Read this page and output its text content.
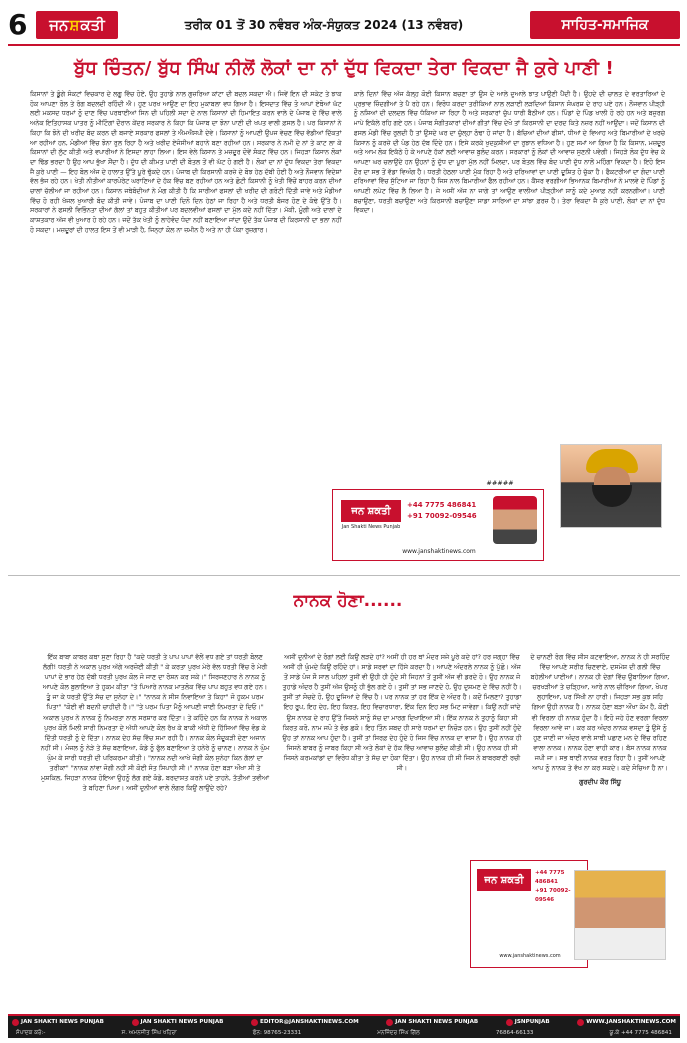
6	ਜਨ ਸ਼ ਕਤੀ	ਤਰੀਕ 01 ਤੋਂ 30 ਨਵੰਬਰ ਅੰਕ-ਸੰਯੁਕਤ 2024 (13 ਨਵੰਬਰ)	ਸਾਹਿਤ-ਸਮਾਜਿਕ
ਬੁੱਧ ਚਿੰਤਨ/ ਬੁੱਧ ਸਿੰਘ ਨੀਲੋਂ ਲੋਕਾਂ ਦਾ ਨਾਂ ਦੁੱਧ ਵਿਕਦਾ ਤੇਰਾ ਵਿਕਦਾ ਜੈ ਕੁਰੇ ਪਾਣੀ !

ਕਿਸਾਨਾਂ ਤੇ ਡੂੰਗੇ ਸੰਕਟਾਂ ਵਿਚਕਾਰ ਦੇ ਲਗੂ ਵਿੱਚ ਹੋਏ, ਉਹ ਤੁਹਾਡੇ ਨਾਲ ਗੁਜ਼ਰਿਆ ਕਾਂਟਾ ਦੀ ਬਦਲ ਸਕਦਾ ਐ। ਜਿਵੇਂ ਇਨ ਦੀ ਸਕੇਟ ਤੇ ਝਾਕ ਹੋਕ ਆਪਣਾ ਰੋਲ ਤੇ ਰੰਗ ਬਦਲਦੀ ਰਹਿੰਦੀ ਐ। ਹੁਣ ਪਰਖ ਆਉਣ ਦਾ ਇਹ ਮੁਕਾਬਲਾ ਵਧ ਗਿਆ ਹੈ। ਇਸਦਾਤ ਵਿੱਚ ਤੋ ਆਪਾਂ ਏਥੋਆਂ ਘੱਟ ਲਈ ਮਕਸਦ ਧਰਮਾਂ ਨੂੰ ਦਾਣ ਵਿੱਚ ਪਰਥਾਈਆਂ ਸਿਨ ਦੀ ਪਹਿਲੀ ਸਦਾ ਦੇ ਨਾਲ ਕਿਸਾਨਾਂ ਦੀ ਹਿਮਾਇਤ ਕਰਨ ਵਾਲੇ ਦੇ ਪੰਜਾਬ ਦੇ ਵਿੱਚ ਵਾਲੇ ਅਨੇਕ ਇਤਿਹਾਸਕ ਪਾਤਰ ਨੂੰ ਮੀਟਿੰਗਾਂ ਦੌਰਾਨ ਕੇਂਦਰ ਸਰਕਾਰ ਨੇ ਕਿਹਾ ਕਿ ਪੰਜਾਬ ਦਾ ਝੋਨਾ ਪਾਣੀ ਦੀ ਖਪਤ ਵਾਲੀ ਫ਼ਸਲ ਹੈ। ਪਰ ਕਿਸਾਨਾਂ ਨੇ ਕਿਹਾ ਕਿ ਝੋਨੇ ਦੀ ਖਰੀਦ ਬੰਦ ਕਰਨ ਦੀ ਬਜਾਏ ਸਰਕਾਰ ਫਸਲਾਂ ਤੇ ਐਮਐਸਪੀ ਦੇਵੇ। ਕਿਸਾਨਾਂ ਨੂੰ ਆਪਣੀ ਉਪਜ ਵੇਚਣ ਵਿੱਚ ਵੱਡੀਆਂ ਦਿੱਕਤਾਂ ਆ ਰਹੀਆਂ ਹਨ, ਮੰਡੀਆਂ ਵਿੱਚ ਝੋਨਾ ਰੁਲ ਰਿਹਾ ਹੈ ਅਤੇ ਖਰੀਦ ਏਜੰਸੀਆਂ ਬਹਾਨੇ ਬਣਾ ਰਹੀਆਂ ਹਨ। ਸਰਕਾਰ ਨੇ ਨਮੀ ਦੇ ਨਾਂ ਤੇ ਕਾਟ ਲਾ ਕੇ ਕਿਸਾਨਾਂ ਦੀ ਲੁੱਟ ਕੀਤੀ ਅਤੇ ਵਪਾਰੀਆਂ ਨੇ ਇਸਦਾ ਲਾਹਾ ਲਿਆ। ਇਸ ਵੇਲੇ ਕਿਸਾਨ ਤੇ ਮਜ਼ਦੂਰ ਦੋਵੇਂ ਸੰਕਟ ਵਿੱਚ ਹਨ। ਜਿਹੜਾ ਕਿਸਾਨ ਲੋਕਾਂ ਦਾ ਢਿੱਡ ਭਰਦਾ ਹੈ ਉਹ ਆਪ ਭੁੱਖਾ ਸੌਂਦਾ ਹੈ। ਦੁੱਧ ਦੀ ਕੀਮਤ ਪਾਣੀ ਦੀ ਬੋਤਲ ਤੋਂ ਵੀ ਘੱਟ ਹੋ ਗਈ ਹੈ। ਲੋਕਾਂ ਦਾ ਨਾਂ ਦੁੱਧ ਵਿਕਦਾ ਤੇਰਾ ਵਿਕਦਾ ਜੈ ਕੁਰੇ ਪਾਣੀ — ਇਹ ਬੋਲ ਅੱਜ ਦੇ ਹਾਲਾਤ ਉੱਤੇ ਪੂਰੇ ਢੁੱਕਦੇ ਹਨ। ਪੰਜਾਬ ਦੀ ਕਿਰਸਾਨੀ ਕਰਜ਼ੇ ਦੇ ਬੋਝ ਹੇਠ ਦੱਬੀ ਹੋਈ ਹੈ ਅਤੇ ਨੌਜਵਾਨ ਵਿਦੇਸ਼ਾਂ ਵੱਲ ਭੱਜ ਰਹੇ ਹਨ। ਖੇਤੀ ਨੀਤੀਆਂ ਕਾਰਪੋਰੇਟ ਘਰਾਣਿਆਂ ਦੇ ਹੱਕ ਵਿੱਚ ਬਣ ਰਹੀਆਂ ਹਨ ਅਤੇ ਛੋਟੀ ਕਿਸਾਨੀ ਨੂੰ ਖੇਤੀ ਵਿੱਚੋਂ ਬਾਹਰ ਕਰਨ ਦੀਆਂ ਚਾਲਾਂ ਚੱਲੀਆਂ ਜਾ ਰਹੀਆਂ ਹਨ। ਕਿਸਾਨ ਜਥੇਬੰਦੀਆਂ ਨੇ ਮੰਗ ਕੀਤੀ ਹੈ ਕਿ ਸਾਰੀਆਂ ਫਸਲਾਂ ਦੀ ਖਰੀਦ ਦੀ ਗਰੰਟੀ ਦਿੱਤੀ ਜਾਵੇ ਅਤੇ ਮੰਡੀਆਂ ਵਿੱਚ ਹੋ ਰਹੀ ਖੱਜਲ ਖੁਆਰੀ ਬੰਦ ਕੀਤੀ ਜਾਵੇ। ਪੰਜਾਬ ਦਾ ਪਾਣੀ ਦਿਨੋ ਦਿਨ ਹੇਠਾਂ ਜਾ ਰਿਹਾ ਹੈ ਅਤੇ ਧਰਤੀ ਬੰਜਰ ਹੋਣ ਦੇ ਕੰਢੇ ਉੱਤੇ ਹੈ। ਸਰਕਾਰਾਂ ਨੇ ਫਸਲੀ ਵਿਭਿੰਨਤਾ ਦੀਆਂ ਗੱਲਾਂ ਤਾਂ ਬਹੁਤ ਕੀਤੀਆਂ ਪਰ ਬਦਲਵੀਆਂ ਫਸਲਾਂ ਦਾ ਮੁੱਲ ਕਦੇ ਨਹੀਂ ਦਿੱਤਾ। ਮੱਕੀ, ਮੂੰਗੀ ਅਤੇ ਦਾਲਾਂ ਦੇ ਕਾਸ਼ਤਕਾਰ ਅੱਜ ਵੀ ਖੁਆਰ ਹੋ ਰਹੇ ਹਨ। ਜਦੋਂ ਤੱਕ ਖੇਤੀ ਨੂੰ ਲਾਹੇਵੰਦ ਧੰਦਾ ਨਹੀਂ ਬਣਾਇਆ ਜਾਂਦਾ ਉਦੋਂ ਤੱਕ ਪੰਜਾਬ ਦੀ ਕਿਰਸਾਨੀ ਦਾ ਭਲਾ ਨਹੀਂ ਹੋ ਸਕਦਾ। ਮਜ਼ਦੂਰਾਂ ਦੀ ਹਾਲਤ ਇਸ ਤੋਂ ਵੀ ਮਾੜੀ ਹੈ, ਜਿਨ੍ਹਾਂ ਕੋਲ ਨਾ ਜ਼ਮੀਨ ਹੈ ਅਤੇ ਨਾ ਹੀ ਪੱਕਾ ਰੁਜ਼ਗਾਰ।

ਕਾਲੇ ਦਿਨਾਂ ਵਿੱਚ ਅੱਜ ਕੱਲ੍ਹ ਕੋਈ ਕਿਸਾਨ ਬਚਣਾ ਤਾਂ ਉਸ ਦੇ ਆਲੇ ਦੁਆਲੇ ਝਾਤ ਪਾਉਣੀ ਪੈਂਦੀ ਹੈ। ਉਹਦੇ ਦੀ ਚਾਲਤ ਦੇ ਵਰਤਾਰਿਆਂ ਦੇ ਪ੍ਰਭਾਵ ਜ਼ਿੰਦਗੀਆਂ ਤੇ ਪੈ ਰਹੇ ਹਨ। ਵਿਰੋਧ ਕਰਦਾ ਤਰੀਕਿਆਂ ਨਾਲ ਲੜਾਈ ਲੜਦਿਆਂ ਕਿਸਾਨ ਸੰਘਰਸ਼ ਦੇ ਰਾਹ ਪਏ ਹਨ। ਨੌਜਵਾਨ ਪੀੜ੍ਹੀ ਨੂੰ ਨਸ਼ਿਆਂ ਦੀ ਦਲਦਲ ਵਿੱਚ ਧੱਕਿਆ ਜਾ ਰਿਹਾ ਹੈ ਅਤੇ ਸਰਕਾਰਾਂ ਚੁੱਪ ਧਾਰੀ ਬੈਠੀਆਂ ਹਨ। ਪਿੰਡਾਂ ਦੇ ਪਿੰਡ ਖਾਲੀ ਹੋ ਰਹੇ ਹਨ ਅਤੇ ਬਜ਼ੁਰਗ ਮਾਪੇ ਇਕੱਲੇ ਰਹਿ ਗਏ ਹਨ। ਪੰਜਾਬ ਸੰਗੀਤਕਾਰਾਂ ਦੀਆਂ ਗੀਤਾਂ ਵਿੱਚ ਦੇਖੋ ਤਾਂ ਕਿਰਸਾਨੀ ਦਾ ਦਰਦ ਕਿਤੇ ਨਜ਼ਰ ਨਹੀਂ ਆਉਂਦਾ। ਜਦੋਂ ਕਿਸਾਨ ਦੀ ਫਸਲ ਮੰਡੀ ਵਿੱਚ ਰੁਲਦੀ ਹੈ ਤਾਂ ਉਸਦੇ ਘਰ ਦਾ ਚੁੱਲ੍ਹਾ ਠੰਢਾ ਹੋ ਜਾਂਦਾ ਹੈ। ਬੱਚਿਆਂ ਦੀਆਂ ਫੀਸਾਂ, ਧੀਆਂ ਦੇ ਵਿਆਹ ਅਤੇ ਬਿਮਾਰੀਆਂ ਦੇ ਖਰਚੇ ਕਿਸਾਨ ਨੂੰ ਕਰਜ਼ੇ ਦੀ ਪੰਡ ਹੇਠ ਦੱਬ ਦਿੰਦੇ ਹਨ। ਇਸੇ ਕਰਕੇ ਖੁਦਕੁਸ਼ੀਆਂ ਦਾ ਰੁਝਾਨ ਵਧਿਆ ਹੈ। ਹੁਣ ਸਮਾਂ ਆ ਗਿਆ ਹੈ ਕਿ ਕਿਸਾਨ, ਮਜ਼ਦੂਰ ਅਤੇ ਆਮ ਲੋਕ ਇਕੱਠੇ ਹੋ ਕੇ ਆਪਣੇ ਹੱਕਾਂ ਲਈ ਆਵਾਜ਼ ਬੁਲੰਦ ਕਰਨ। ਸਰਕਾਰਾਂ ਨੂੰ ਲੋਕਾਂ ਦੀ ਆਵਾਜ਼ ਸੁਣਨੀ ਪਵੇਗੀ। ਜਿਹੜੇ ਲੋਕ ਦੁੱਧ ਵੇਚ ਕੇ ਆਪਣਾ ਘਰ ਚਲਾਉਂਦੇ ਹਨ ਉਹਨਾਂ ਨੂੰ ਦੁੱਧ ਦਾ ਪੂਰਾ ਮੁੱਲ ਨਹੀਂ ਮਿਲਦਾ, ਪਰ ਬੋਤਲ ਵਿੱਚ ਬੰਦ ਪਾਣੀ ਦੁੱਧ ਨਾਲੋਂ ਮਹਿੰਗਾ ਵਿਕਦਾ ਹੈ। ਇਹੋ ਇਸ ਦੌਰ ਦਾ ਸਭ ਤੋਂ ਵੱਡਾ ਵਿਅੰਗ ਹੈ। ਧਰਤੀ ਹੇਠਲਾ ਪਾਣੀ ਮੁੱਕ ਰਿਹਾ ਹੈ ਅਤੇ ਦਰਿਆਵਾਂ ਦਾ ਪਾਣੀ ਦੂਸ਼ਿਤ ਹੋ ਚੁੱਕਾ ਹੈ। ਫੈਕਟਰੀਆਂ ਦਾ ਗੰਦਾ ਪਾਣੀ ਦਰਿਆਵਾਂ ਵਿੱਚ ਸੁੱਟਿਆ ਜਾ ਰਿਹਾ ਹੈ ਜਿਸ ਨਾਲ ਬਿਮਾਰੀਆਂ ਫੈਲ ਰਹੀਆਂ ਹਨ। ਕੈਂਸਰ ਵਰਗੀਆਂ ਭਿਆਨਕ ਬਿਮਾਰੀਆਂ ਨੇ ਮਾਲਵੇ ਦੇ ਪਿੰਡਾਂ ਨੂੰ ਆਪਣੀ ਲਪੇਟ ਵਿੱਚ ਲੈ ਲਿਆ ਹੈ। ਜੇ ਅਸੀਂ ਅੱਜ ਨਾ ਜਾਗੇ ਤਾਂ ਆਉਣ ਵਾਲੀਆਂ ਪੀੜ੍ਹੀਆਂ ਸਾਨੂੰ ਕਦੇ ਮੁਆਫ਼ ਨਹੀਂ ਕਰਨਗੀਆਂ। ਪਾਣੀ ਬਚਾਉਣਾ, ਧਰਤੀ ਬਚਾਉਣਾ ਅਤੇ ਕਿਰਸਾਨੀ ਬਚਾਉਣਾ ਸਾਡਾ ਸਾਰਿਆਂ ਦਾ ਸਾਂਝਾ ਫ਼ਰਜ਼ ਹੈ। ਤੇਰਾ ਵਿਕਦਾ ਜੈ ਕੁਰੇ ਪਾਣੀ, ਲੋਕਾਂ ਦਾ ਨਾਂ ਦੁੱਧ ਵਿਕਦਾ।

#####
ਜਨ ਸ਼ਕਤੀ
Jan Shakti News Punjab
+44 7775 486841
+91 70092-09546
www.janshaktinews.com
ਨਾਨਕ ਹੋਣਾ......
ਇੱਕ ਬਾਬਾ ਕਾਬਰ ਕਥਾ ਸੁਣਾ ਰਿਹਾ ਹੈ "ਕਦੇ ਧਰਤੀ ਤੇ ਪਾਪ ਪਾਪਾਂ ਵੱਲੋਂ ਵਧ ਗਏ ਤਾਂ ਧਰਤੀ ਬੋਲਣ ਲੱਗੀ! ਧਰਤੀ ਨੇ ਅਕਾਲ ਪੁਰਖ ਅੱਗੇ ਅਰਜ਼ੋਈ ਕੀਤੀ " ਕੇ ਕਰਤਾ ਪੁਰਖ ਮੇਰੇ ਵੱਲ ਧਰਤੀ ਵਿੱਚ ਰੋ ਮੇਰੀ ਪਾਪਾਂ ਦੇ ਭਾਰ ਹੇਠ ਦੱਬੀ ਧਰਤੀ ਪੁਰਖ ਕੋਲ ਜੋ ਜਾਣ ਦਾ ਰੋਸ਼ਨ ਕਰ ਸਕੇ।" ਸਿਰਜਣਹਾਰ ਨੇ ਨਾਨਕ ਨੂੰ ਆਪਣੇ ਕੋਲ ਬੁਲਾਇਆ ਤੇ ਹੁਕਮ ਕੀਤਾ "ਤੇ ਪਿਆਰੇ ਨਾਨਕ ਮਾਤਲੋਕ ਵਿੱਚ ਪਾਪ ਬਹੁਤ ਵਧ ਗਏ ਹਨ। ਤੂੰ ਜਾ ਕੇ ਧਰਤੀ ਉੱਤੇ ਸੱਚ ਦਾ ਸੁਨੇਹਾ ਦੇ।" "ਨਾਨਕ ਨੇ ਸੀਸ ਨਿਵਾਇਆ ਤੇ ਕਿਹਾ" ਜੋ ਹੁਕਮ ਪਰਮ ਪਿਤਾ" "ਕੋਈ ਵੀ ਬਦਨੀ ਚਾਹੀਦੀ ਹੈ।" "ਤੇ ਪਰਮ ਪਿਤਾ ਮੈਨੂੰ ਆਪਣੀ ਜਾਈ ਨਿਮਰਤਾ ਦੇ ਦਿਓ।" ਅਕਾਲ ਪੁਰਖ ਨੇ ਨਾਨਕ ਨੂੰ ਨਿਮਰਤਾ ਨਾਲ ਸਰਸ਼ਾਰ ਕਰ ਦਿੱਤਾ। ਤੇ ਕਹਿੰਦੇ ਹਨ ਕਿ ਨਾਨਕ ਨੇ ਅਕਾਲ ਪੁਰਖ ਕੋਲੋਂ ਮਿਲੀ ਸਾਰੀ ਨਿਮਰਤਾ ਦੇ ਅੱਧੀ ਆਪਣੇ ਕੋਲ ਰੱਖ ਕੇ ਬਾਕੀ ਅੱਧੀ ਦੇ ਹਿੱਸਿਆਂ ਵਿੱਚ ਵੰਡ ਕੇ ਦਿੱਤੀ ਧਰਤੀ ਨੂੰ ਦੇ ਦਿੱਤਾ। ਨਾਨਕ ਦੇਹ ਸੱਚ ਵਿੱਚ ਸਮਾ ਰਹੀ ਹੈ। ਨਾਨਕ ਕੋਲ ਸੰਦੂਕੜੀ ਦੇਣਾ ਅਜਾਨ ਨਹੀਂ ਸੀ। ਮੰਜਲ ਨੂੰ ਨੇੜੇ ਤੇ ਸੱਚ ਬਣਾਇਆ, ਕੰਡੇ ਨੂੰ ਫੁੱਲ ਬਣਾਇਆ ਤੇ ਹਨੇਰੇ ਨੂੰ ਚਾਨਣ। ਨਾਨਕ ਨੇ ਘੁੰਮ ਘੁੰਮ ਕੇ ਸਾਰੀ ਧਰਤੀ ਦੀ ਪਰਿਕਰਮਾ ਕੀਤੀ। "ਨਾਨਕ ਨਦੀ ਆਖੇ ਜੋਗੀ ਕੋਲ ਸੁਨੇਹਾ ਕਿਨ ਗੱਲਾਂ ਦਾ ਤਰੀਕਾ" "ਨਾਨਕ ਨਾਂਵਾ ਜੋਗੀ ਨਹੀਂ ਸੀ ਕੋਈ ਸੰਤ ਸਿਪਾਹੀ ਸੀ।" ਨਾਨਕ ਹੋਣਾ ਬੜਾ ਔਖਾ ਸੀ ਤੇ ਮੁਸ਼ਕਿਲ, ਜਿਹੜਾ ਨਾਨਕ ਹੋਇਆ ਉਹਨੂੰ ਲੱਗ ਗਏ ਕੰਡੇ, ਬਰਦਾਸ਼ਤ ਕਰਨੇ ਪਏ ਤਾਹਨੇ, ਤੱਤੀਆਂ ਤਵੀਆਂ ਤੇ ਬਹਿਣਾ ਪਿਆ। ਅਸੀਂ ਦੁਨੀਆਂ ਵਾਲੇ ਲੰਗਰ ਕਿਉਂ ਲਾਉਂਦੇ ਰਹੇ?
ਅਸੀਂ ਦੁਨੀਆਂ ਦੇ ਰੰਗਾਂ ਲਈ ਕਿਉਂ ਲੜਦੇ ਹਾਂ? ਅਸੀਂ ਹੀ ਹਰ ਥਾਂ ਮੰਦਰ ਸਜੇ ਪੂਰੇ ਕਦੇ ਹਾਂ? ਹਰ ਜਗ੍ਹਾ ਵਿੱਚ ਅਸੀਂ ਹੀ ਘੁੰਮਦੇ ਕਿਉਂ ਰਹਿੰਦੇ ਹਾਂ। ਸਾਡੇ ਸਰਵਾਂ ਦਾ ਹਿੱਸੇ ਕਰਦਾ ਹੈ। ਆਪਣੇ ਅੰਦਰਲੇ ਨਾਨਕ ਨੂੰ ਪੁੱਛੋ। ਅੱਜ ਤੋਂ ਸਾਡੇ ਪੰਜ ਸੌ ਸਾਲ ਪਹਿਲਾਂ ਤੁਸੀਂ ਵੀ ਉਹੀ ਹੀ ਹੁੰਦੇ ਸੀ ਜਿਹਨਾਂ ਤੋਂ ਤੁਸੀਂ ਅੱਜ ਵੀ ਡਰਦੇ ਹੋ। ਉਹ ਨਾਨਕ ਜੋ ਤੁਹਾਡੇ ਅੰਦਰ ਹੈ ਤੁਸੀਂ ਅੱਜ ਉਸਨੂੰ ਹੀ ਭੁੱਲ ਗਏ ਹੋ। ਤੁਸੀਂ ਤਾਂ ਸਭ ਜਾਣਦੇ ਹੋ, ਉਹ ਦੁਸ਼ਮਣ ਦੇ ਵਿੱਚ ਨਹੀਂ ਹੈ। ਤੁਸੀਂ ਤਾਂ ਸੋਚਦੇ ਹੋ, ਉਹ ਦੂਜਿਆਂ ਦੇ ਵਿੱਚ ਹੈ। ਪਰ ਨਾਨਕ ਤਾਂ ਹਰ ਇੱਕ ਦੇ ਅੰਦਰ ਹੈ। ਕਦੋਂ ਮਿਲਣਾ? ਤੁਹਾਡਾ ਇਹ ਰੂਪ, ਇਹ ਦੇਹ, ਇਹ ਕਿਰਤ, ਇਹ ਵਿਚਾਰਧਾਰਾ, ਇੱਕ ਦਿਨ ਇਹ ਸਭ ਮਿਟ ਜਾਵੇਗਾ। ਕਿਉਂ ਨਹੀਂ ਜਾਂਦੇ ਉਸ ਨਾਨਕ ਦੇ ਰਾਹ ਉੱਤੇ ਜਿਸਨੇ ਸਾਨੂੰ ਸੱਚ ਦਾ ਮਾਰਗ ਦਿਖਾਇਆ ਸੀ। ਇੱਕ ਨਾਨਕ ਨੇ ਤੁਹਾਨੂੰ ਕਿਹਾ ਸੀ ਕਿਰਤ ਕਰੋ, ਨਾਮ ਜਪੋ ਤੇ ਵੰਡ ਛਕੋ। ਇਹ ਤਿੰਨ ਸ਼ਬਦ ਹੀ ਸਾਰੇ ਧਰਮਾਂ ਦਾ ਨਿਚੋੜ ਹਨ। ਉਹ ਤੁਸੀਂ ਨਹੀਂ ਹੁੰਦੇ ਉਹ ਤਾਂ ਨਾਨਕ ਆਪ ਹੁੰਦਾ ਹੈ। ਤੁਸੀਂ ਤਾਂ ਸਿਰਫ਼ ਦੇਹ ਹੁੰਦੇ ਹੋ ਜਿਸ ਵਿੱਚ ਨਾਨਕ ਦਾ ਵਾਸਾ ਹੈ। ਉਹ ਨਾਨਕ ਹੀ ਜਿਸਨੇ ਬਾਬਰ ਨੂੰ ਜਾਬਰ ਕਿਹਾ ਸੀ ਅਤੇ ਲੋਕਾਂ ਦੇ ਹੱਕ ਵਿੱਚ ਆਵਾਜ਼ ਬੁਲੰਦ ਕੀਤੀ ਸੀ। ਉਹ ਨਾਨਕ ਹੀ ਸੀ ਜਿਸਨੇ ਕਰਮਕਾਂਡਾਂ ਦਾ ਵਿਰੋਧ ਕੀਤਾ ਤੇ ਸੱਚ ਦਾ ਹੋਕਾ ਦਿੱਤਾ। ਉਹ ਨਾਨਕ ਹੀ ਸੀ ਜਿਸ ਨੇ ਬਾਬਰਬਾਣੀ ਰਚੀ ਸੀ।
ਦੇ ਚਾਨਣੀ ਰੰਗ ਵਿੱਚ ਸੀਸ ਕਟਵਾਇਆ, ਨਾਨਕ ਨੇ ਹੀ ਸਰਹਿੰਦ ਵਿੱਚ ਆਪਣੇ ਸਰੀਰ ਚਿਣਵਾਏ, ਦਸਮੇਸ਼ ਦੀ ਗਲੀ ਵਿੱਚ ਬਹੇਲੀਆਂ ਪਾਈਆਂ। ਨਾਨਕ ਹੀ ਦੇਗਾਂ ਵਿੱਚ ਉਬਾਲਿਆ ਗਿਆ, ਚਰਖੜੀਆਂ ਤੇ ਚੜ੍ਹਿਆ, ਆਰੇ ਨਾਲ ਚੀਰਿਆ ਗਿਆ, ਖੋਪਰ ਲੁਹਾਇਆ, ਪਰ ਸਿੱਖੀ ਨਾ ਹਾਰੀ। ਜਿਹੜਾ ਸਭ ਕੁਝ ਸਹਿ ਗਿਆ ਉਹੀ ਨਾਨਕ ਹੈ। ਨਾਨਕ ਹੋਣਾ ਬੜਾ ਔਖਾ ਕੰਮ ਹੈ, ਕੋਈ ਵੀ ਵਿਰਲਾ ਹੀ ਨਾਨਕ ਹੁੰਦਾ ਹੈ। ਇਹੋ ਜਹੇ ਹੋਣ ਵਰਗਾ ਵਿਰਲਾ ਵਿਰਲਾ ਆਵੇ ਜਾ। ਕਰ ਕਰ ਅੰਦਰ ਨਾਨਕ ਵਸਦਾ ਤੂੰ ਉਸੇ ਨੂੰ ਹੁਣ ਜਾਣੀ ਜਾ ਅੰਦਰ ਵਾਲੇ ਸਾਥੀ ਪਛਾਣ ਮਨ ਦੇ ਵਿੱਚ ਰਹਿਣ ਵਾਲਾ ਨਾਨਕ। ਨਾਨਕ ਹੋਣਾ ਵਾਹੀ ਕਾਰ। ਬੱਸ ਨਾਨਕ ਨਾਨਕ ਜਪੀ ਜਾ। ਸਭ ਥਾਈਂ ਨਾਨਕ ਵਰਤ ਰਿਹਾ ਹੈ। ਤੁਸੀਂ ਆਪਣੇ ਆਪ ਨੂੰ ਨਾਨਕ ਤੇ ਵੱਖ ਨਾ ਕਰ ਸਕਦੇ। ਕਦੇ ਸੋਚਿਆ ਹੈ ਨਾ।
ਗੁਰਦੀਪ ਕੌਰ ਸਿੱਧੂ
ਜਨ ਸ਼ਕਤੀ
+44 7775 486841
+91 70092-09546
www.janshaktinews.com
JAN SHAKTI NEWS PUNJAB	JAN SHAKTI NEWS PUNJAB	EDITOR@JANSHAKTINEWS.COM	JAN SHAKTI NEWS PUNJAB	JSNPUNJAB	WWW.JANSHAKTINEWS.COM
ਸੰਪਾਦਕ ਕਰੋ:-	ਸ. ਅਮਨਜੀਤ ਸਿੰਘ ਖਹਿਰਾ	ਫੋਨ: 98765-23331	ਮਨਜਿੰਦਰ ਸਿੰਘ ਗਿੱਲ	76864-66133	ਯੂ.ਕੇ +44 7775 486841
